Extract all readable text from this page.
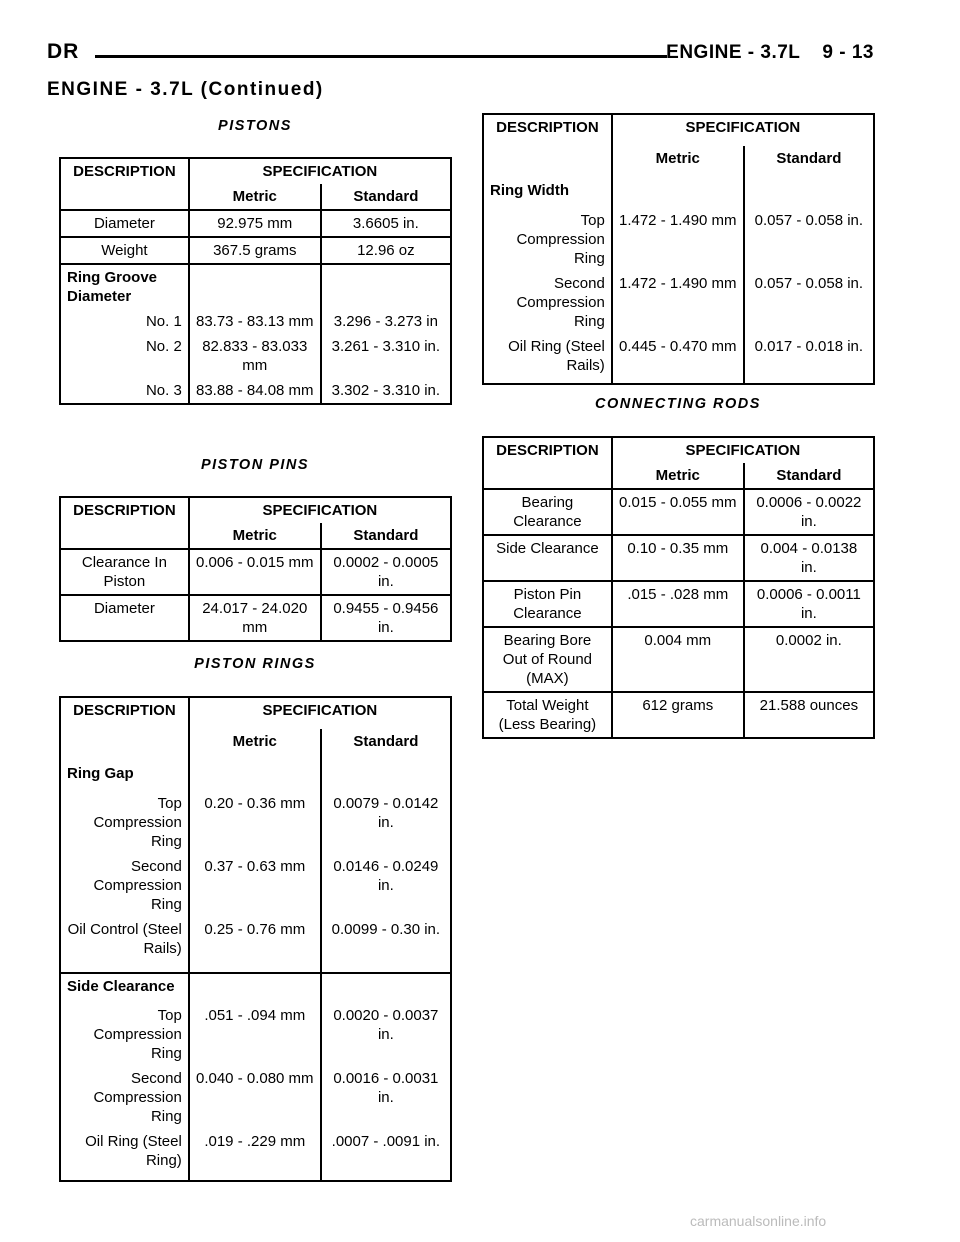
DR	ENGINE - 3.7L 9 - 13
ENGINE - 3.7L (Continued)
PISTONS
DESCRIPTION	SPECIFICATION	
	Metric	Standard
Diameter	92.975 mm	3.6605 in.
Weight	367.5 grams	12.96 oz
Ring Groove Diameter		
No. 1	83.73 - 83.13 mm	3.296 - 3.273 in
No. 2	82.833 - 83.033 mm	3.261 - 3.310 in.
No. 3	83.88 - 84.08 mm	3.302 - 3.310 in.
PISTON PINS
DESCRIPTION	SPECIFICATION	
	Metric	Standard
Clearance In Piston	0.006 - 0.015 mm	0.0002 - 0.0005 in.
Diameter	24.017 - 24.020 mm	0.9455 - 0.9456 in.
PISTON RINGS
DESCRIPTION	SPECIFICATION	
	Metric	Standard
Ring Gap		
Top Compression Ring	0.20 - 0.36 mm	0.0079 - 0.0142 in.
Second Compression Ring	0.37 - 0.63 mm	0.0146 - 0.0249 in.
Oil Control (Steel Rails)	0.25 - 0.76 mm	0.0099 - 0.30 in.
Side Clearance		
Top Compression Ring	.051 - .094 mm	0.0020 - 0.0037 in.
Second Compression Ring	0.040 - 0.080 mm	0.0016 - 0.0031 in.
Oil Ring (Steel Ring)	.019 - .229 mm	.0007 - .0091 in.
DESCRIPTION	SPECIFICATION	
	Metric	Standard
Ring Width		
Top Compression Ring	1.472 - 1.490 mm	0.057 - 0.058 in.
Second Compression Ring	1.472 - 1.490 mm	0.057 - 0.058 in.
Oil Ring (Steel Rails)	0.445 - 0.470 mm	0.017 - 0.018 in.
CONNECTING RODS
DESCRIPTION	SPECIFICATION	
	Metric	Standard
Bearing Clearance	0.015 - 0.055 mm	0.0006 - 0.0022 in.
Side Clearance	0.10 - 0.35 mm	0.004 - 0.0138 in.
Piston Pin Clearance	.015 - .028 mm	0.0006 - 0.0011 in.
Bearing Bore Out of Round (MAX)	0.004 mm	0.0002 in.
Total Weight (Less Bearing)	612 grams	21.588 ounces
carmanualsonline.info
